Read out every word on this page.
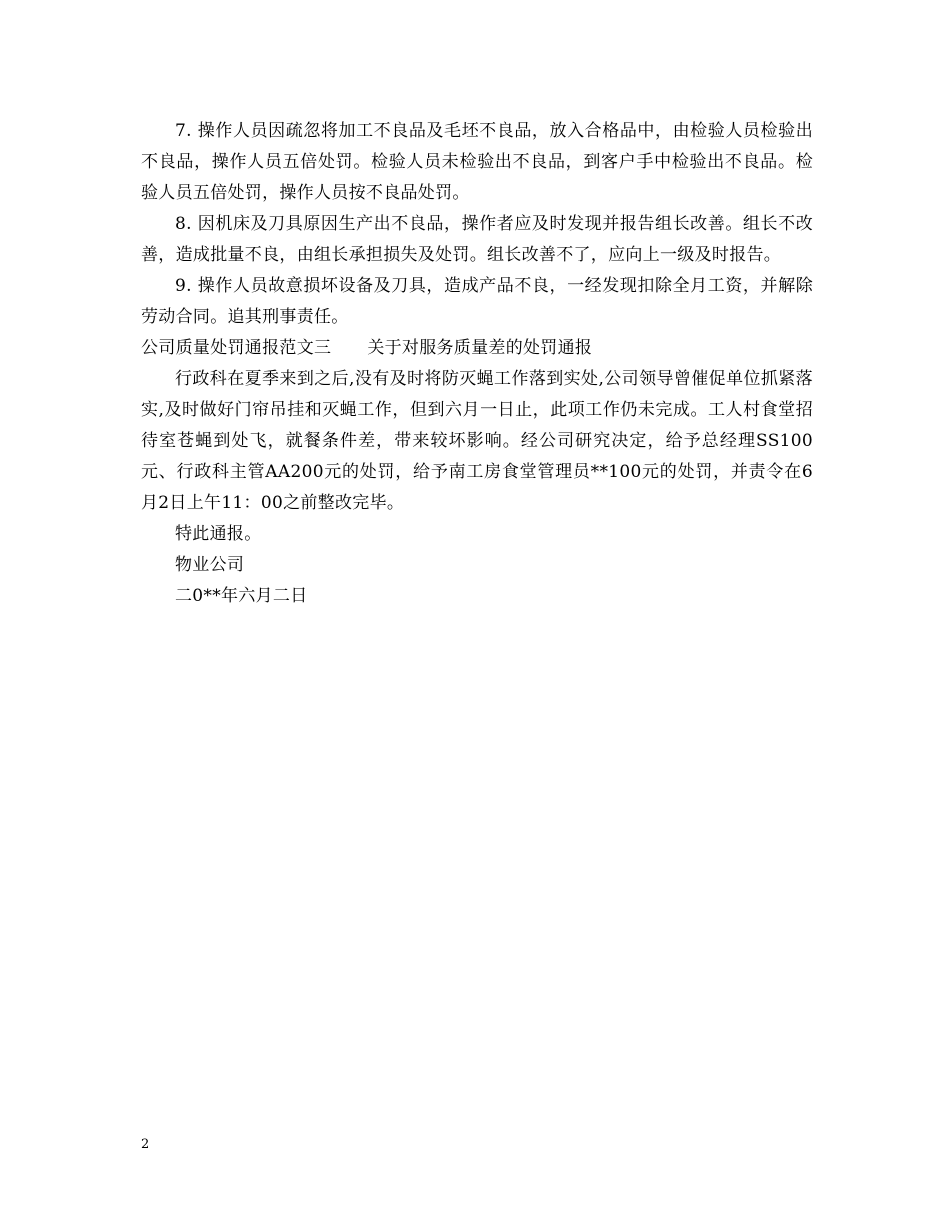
7. 操作人员因疏忽将加工不良品及毛坯不良品，放入合格品中，由检验人员检验出不良品，操作人员五倍处罚。检验人员未检验出不良品，到客户手中检验出不良品。检验人员五倍处罚，操作人员按不良品处罚。

8. 因机床及刀具原因生产出不良品，操作者应及时发现并报告组长改善。组长不改善，造成批量不良，由组长承担损失及处罚。组长改善不了，应向上一级及时报告。

9. 操作人员故意损坏设备及刀具，造成产品不良，一经发现扣除全月工资，并解除劳动合同。追其刑事责任。

公司质量处罚通报范文三 关于对服务质量差的处罚通报

行政科在夏季来到之后,没有及时将防灭蝇工作落到实处,公司领导曾催促单位抓紧落实,及时做好门帘吊挂和灭蝇工作，但到六月一日止，此项工作仍未完成。工人村食堂招待室苍蝇到处飞，就餐条件差，带来较坏影响。经公司研究决定，给予总经理SS100元、行政科主管AA200元的处罚，给予南工房食堂管理员**100元的处罚，并责令在6月2日上午11：00之前整改完毕。

特此通报。

物业公司

二0**年六月二日

2
